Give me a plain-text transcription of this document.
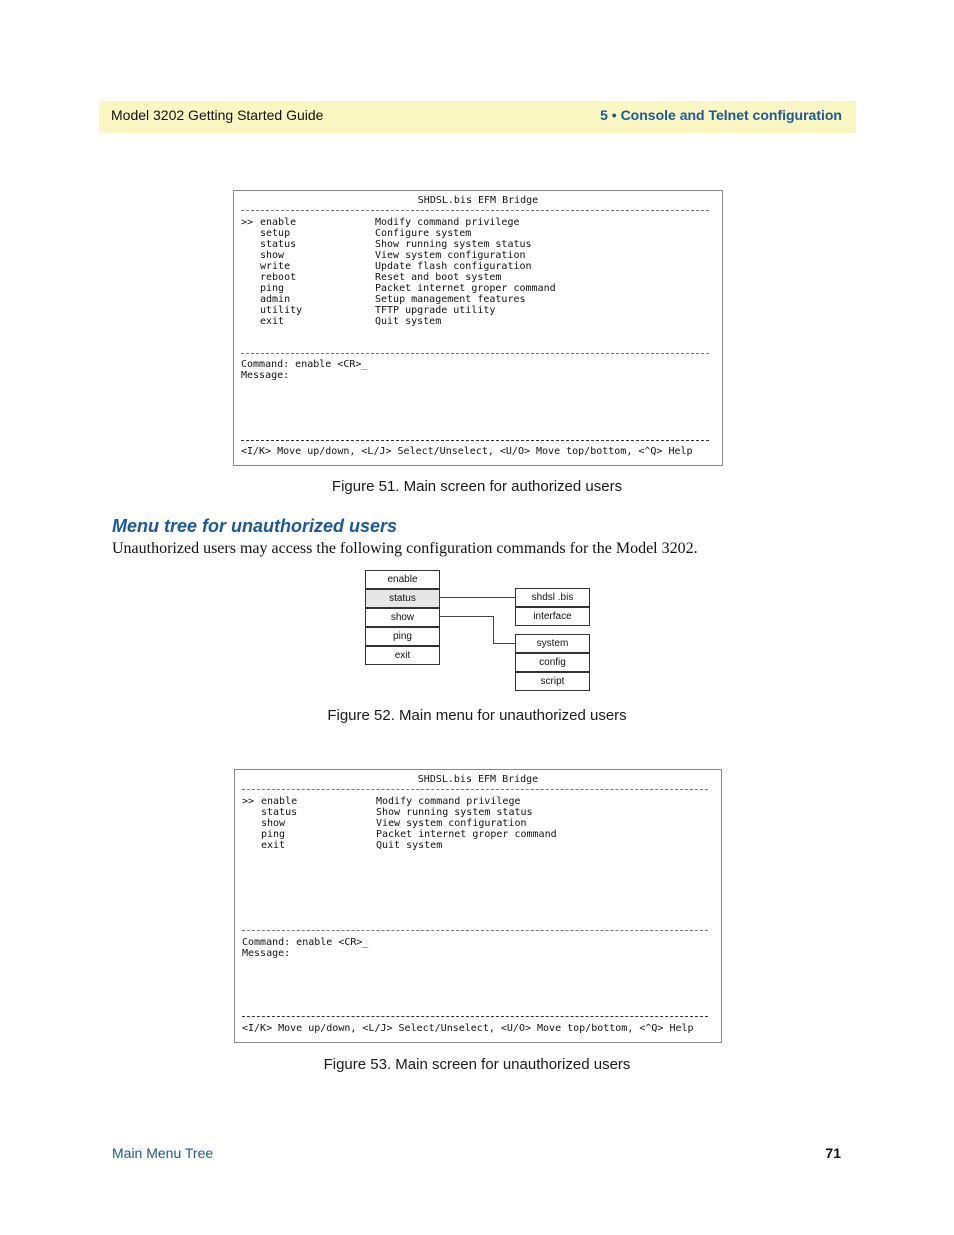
Model 3202 Getting Started Guide	5 • Console and Telnet configuration
SHDSL.bis EFM Bridge
>>
Command: enable <CR>_
Message:
<I/K> Move up/down, <L/J> Select/Unselect, <U/O> Move top/bottom, <^Q> Help
enable	Modify command privilege
setup	Configure system
status	Show running system status
show	View system configuration
write	Update flash configuration
reboot	Reset and boot system
ping	Packet internet groper command
admin	Setup management features
utility	TFTP upgrade utility
exit	Quit system
Figure 51. Main screen for authorized users
Menu tree for unauthorized users
Unauthorized users may access the following configuration commands for the Model 3202.
enable
status
show
ping
exit
shdsl .bis
interface
system
config
script
Figure 52. Main menu for unauthorized users
SHDSL.bis EFM Bridge
>>
Command: enable <CR>_
Message:
<I/K> Move up/down, <L/J> Select/Unselect, <U/O> Move top/bottom, <^Q> Help
enable	Modify command privilege
status	Show running system status
show	View system configuration
ping	Packet internet groper command
exit	Quit system
Figure 53. Main screen for unauthorized users
Main Menu Tree	71
